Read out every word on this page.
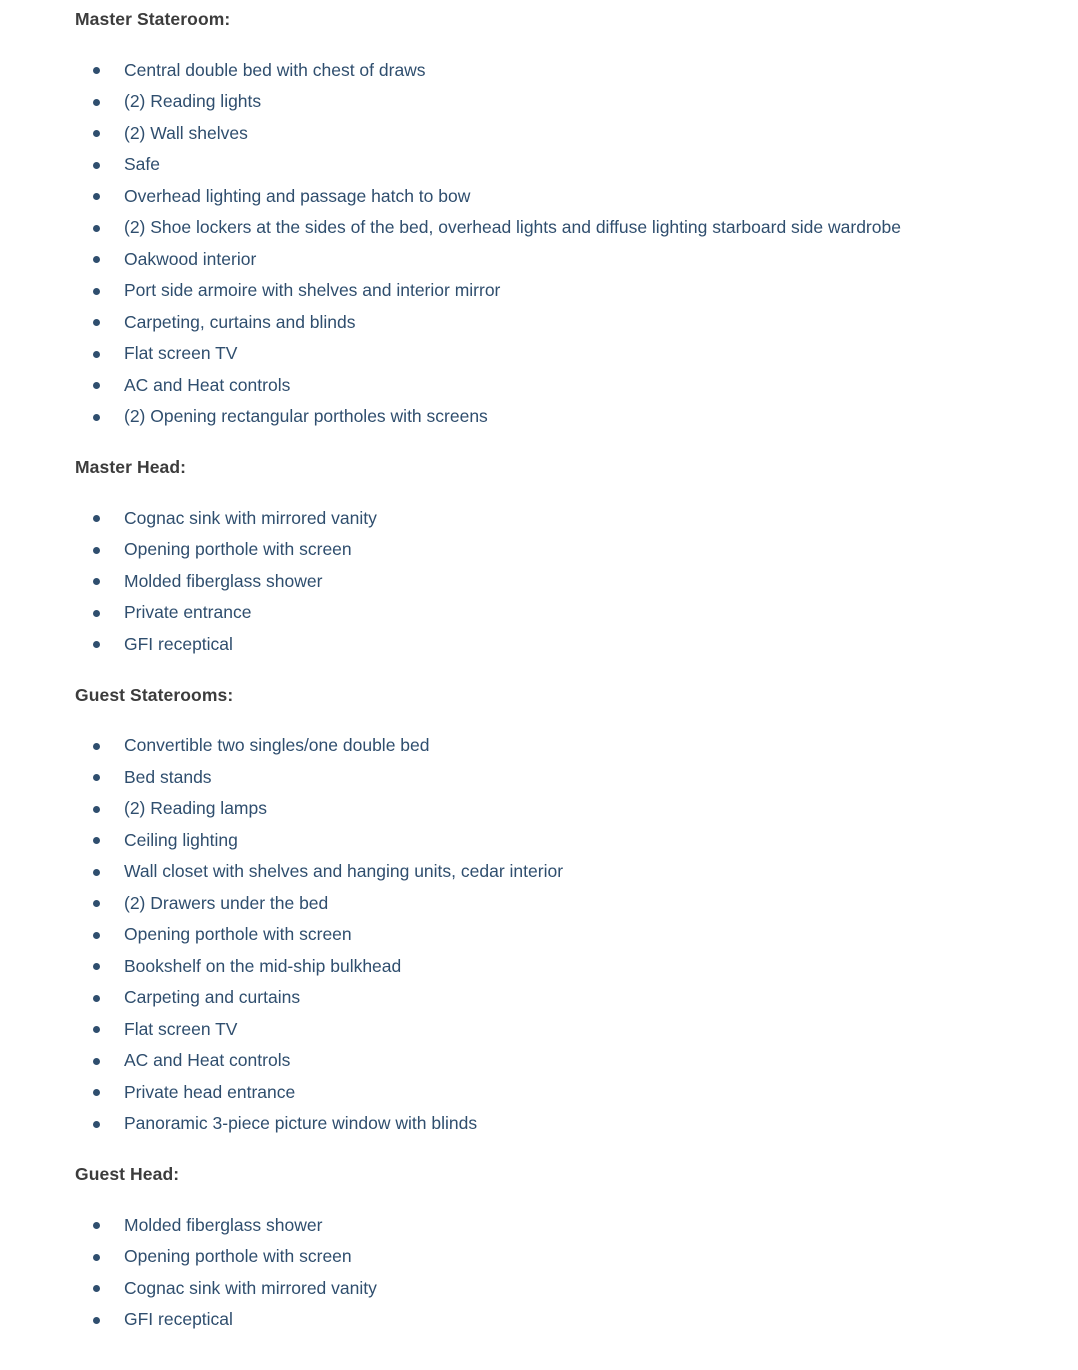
Master Stateroom:
Central double bed with chest of draws
(2) Reading lights
(2) Wall shelves
Safe
Overhead lighting and passage hatch to bow
(2) Shoe lockers at the sides of the bed, overhead lights and diffuse lighting starboard side wardrobe
Oakwood interior
Port side armoire with shelves and interior mirror
Carpeting, curtains and blinds
Flat screen TV
AC and Heat controls
(2) Opening rectangular portholes with screens
Master Head:
Cognac sink with mirrored vanity
Opening porthole with screen
Molded fiberglass shower
Private entrance
GFI receptical
Guest Staterooms:
Convertible two singles/one double bed
Bed stands
(2) Reading lamps
Ceiling lighting
Wall closet with shelves and hanging units, cedar interior
(2) Drawers under the bed
Opening porthole with screen
Bookshelf on the mid-ship bulkhead
Carpeting and curtains
Flat screen TV
AC and Heat controls
Private head entrance
Panoramic 3-piece picture window with blinds
Guest Head:
Molded fiberglass shower
Opening porthole with screen
Cognac sink with mirrored vanity
GFI receptical
